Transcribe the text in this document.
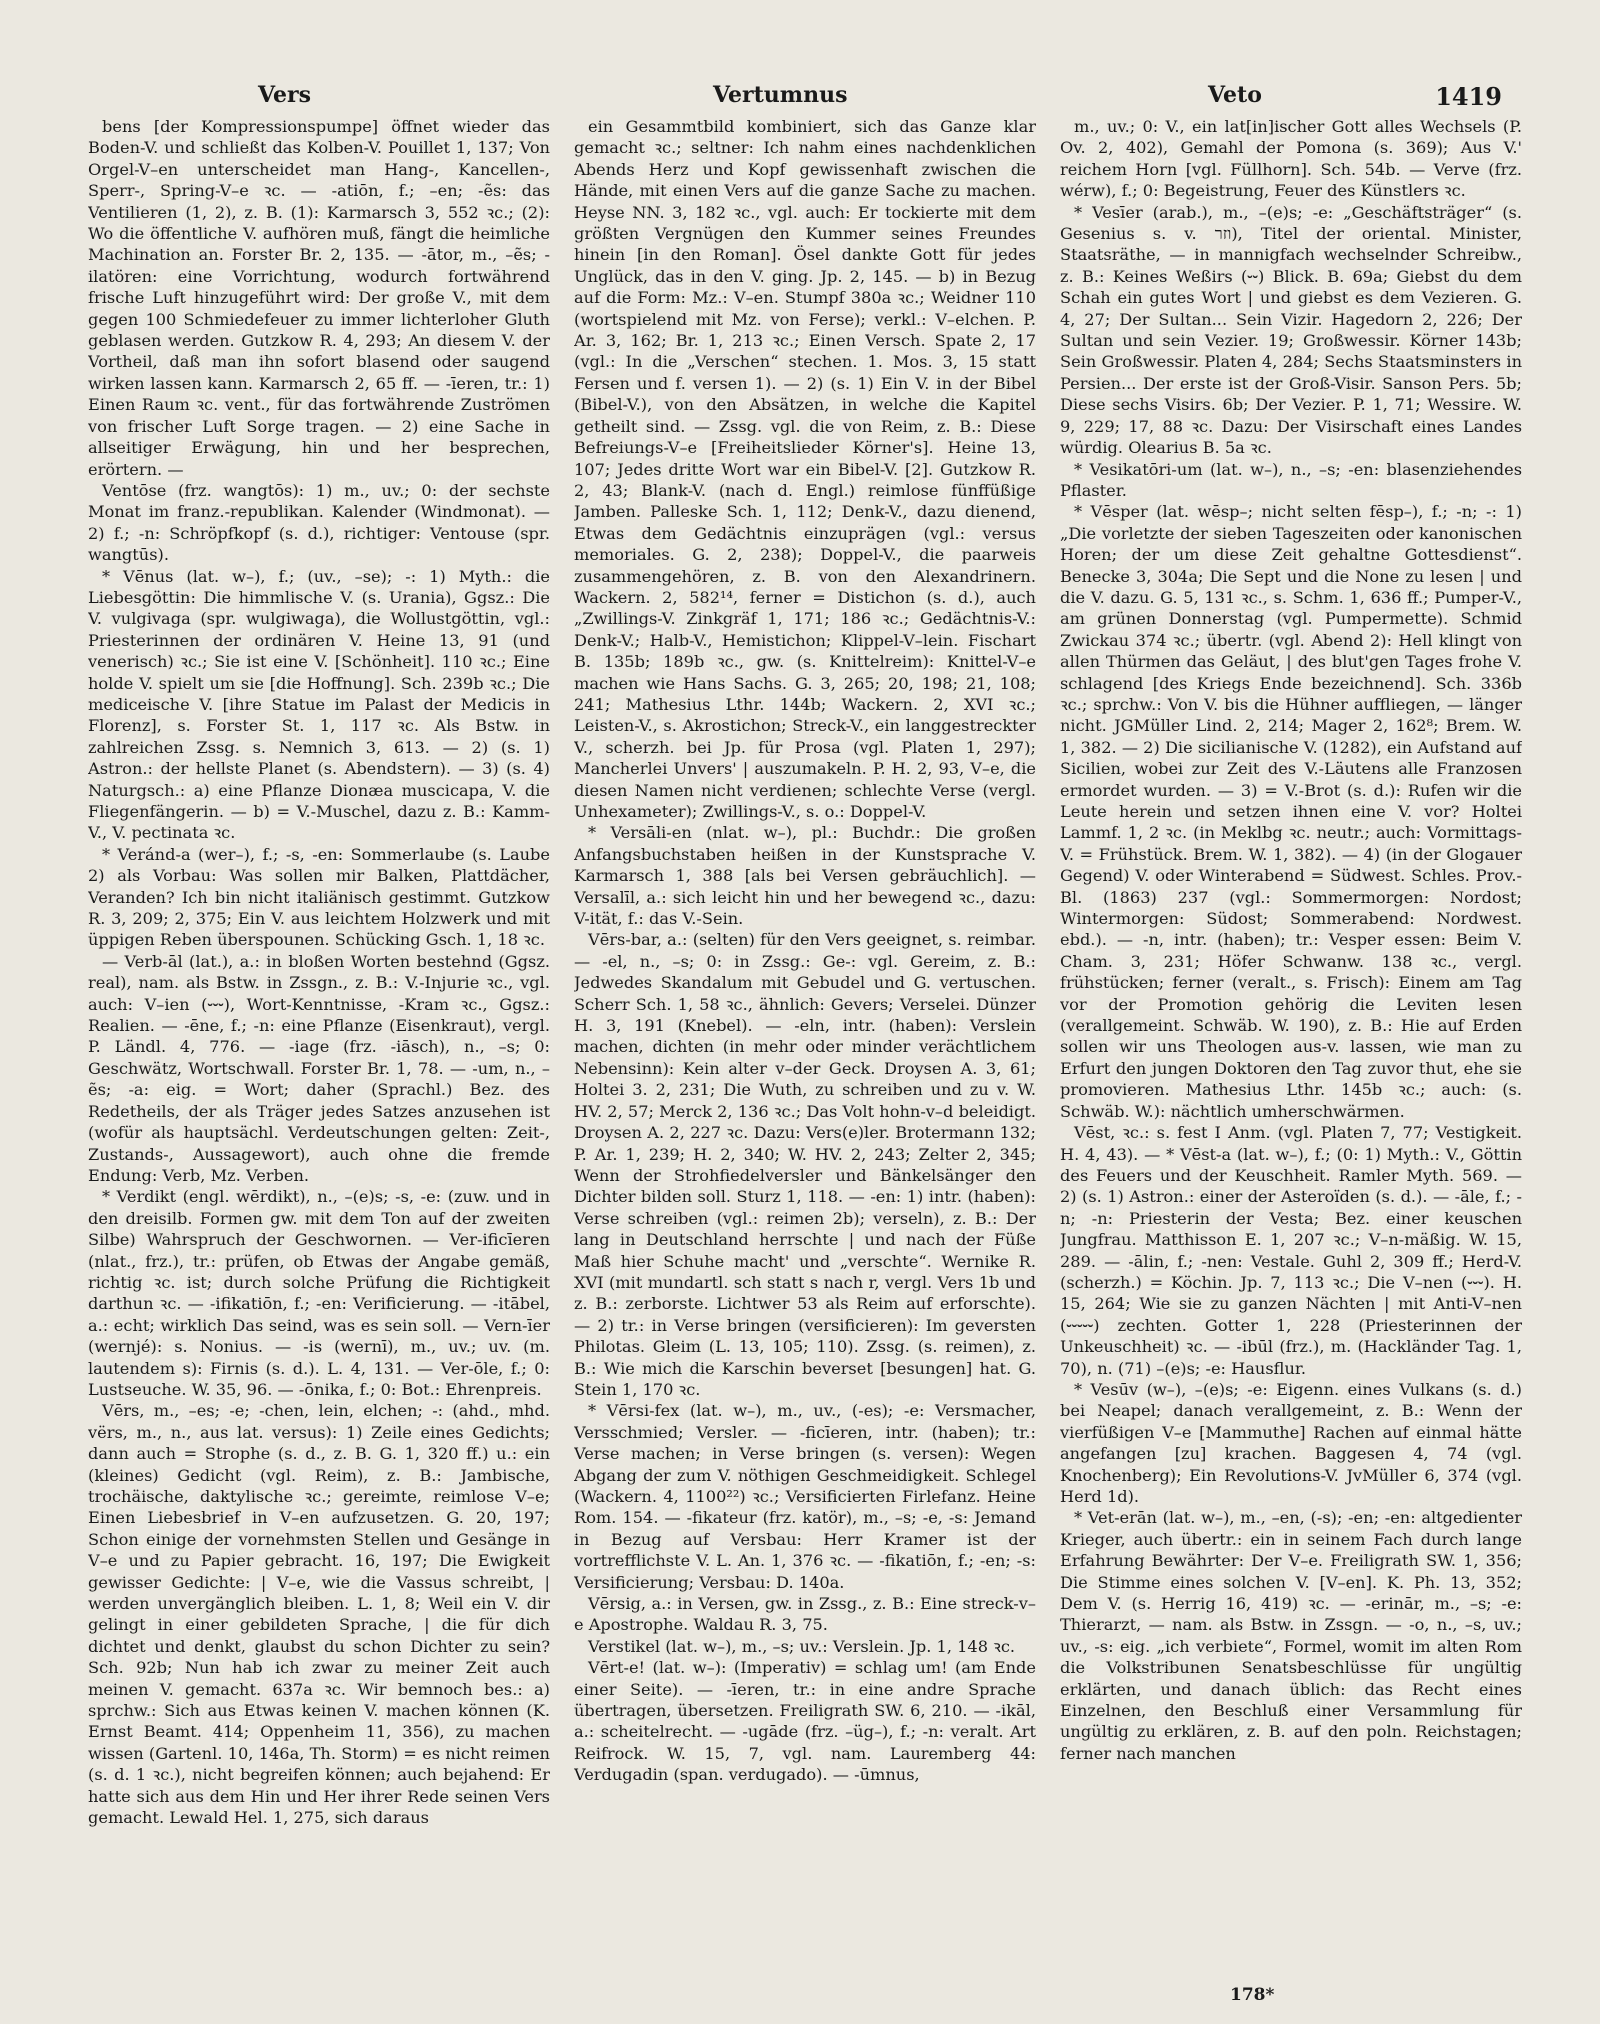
Vers	Vertumnus	Veto	1419

bens [der Kompressionspumpe] öffnet wieder das Boden-V. und schließt das Kolben-V. Pouillet 1, 137; Von Orgel-V–en unterscheidet man Hang-, Kancellen-, Sperr-, Spring-V–e ꝛc. — -atiōn, f.; –en; -ẽs: das Ventilieren (1, 2), z. B. (1): Karmarsch 3, 552 ꝛc.; (2): Wo die öffentliche V. aufhören muß, fängt die heimliche Machination an. Forster Br. 2, 135. — -ātor, m., –ẽs; -ilatören: eine Vorrichtung, wodurch fortwährend frische Luft hinzugeführt wird: Der große V., mit dem gegen 100 Schmiedefeuer zu immer lichterloher Gluth geblasen werden. Gutzkow R. 4, 293; An diesem V. der Vortheil, daß man ihn sofort blasend oder saugend wirken lassen kann. Karmarsch 2, 65 ff. — -īeren, tr.: 1) Einen Raum ꝛc. vent., für das fortwährende Zuströmen von frischer Luft Sorge tragen. — 2) eine Sache in allseitiger Erwägung, hin und her besprechen, erörtern. —

Ventōse (frz. wangtōs): 1) m., uv.; 0: der sechste Monat im franz.-republikan. Kalender (Windmonat). — 2) f.; -n: Schröpfkopf (s. d.), richtiger: Ventouse (spr. wangtūs).

* Vēnus (lat. w–), f.; (uv., –se); -: 1) Myth.: die Liebesgöttin: Die himmlische V. (s. Urania), Ggsz.: Die V. vulgivaga (spr. wulgiwaga), die Wollustgöttin, vgl.: Priesterinnen der ordinären V. Heine 13, 91 (und venerisch) ꝛc.; Sie ist eine V. [Schönheit]. 110 ꝛc.; Eine holde V. spielt um sie [die Hoffnung]. Sch. 239b ꝛc.; Die mediceische V. [ihre Statue im Palast der Medicis in Florenz], s. Forster St. 1, 117 ꝛc. Als Bstw. in zahlreichen Zssg. s. Nemnich 3, 613. — 2) (s. 1) Astron.: der hellste Planet (s. Abendstern). — 3) (s. 4) Naturgsch.: a) eine Pflanze Dionæa muscicapa, V. die Fliegenfängerin. — b) = V.-Muschel, dazu z. B.: Kamm-V., V. pectinata ꝛc.

* Veránd-a (wer–), f.; -s, -en: Sommerlaube (s. Laube 2) als Vorbau: Was sollen mir Balken, Plattdächer, Veranden? Ich bin nicht italiänisch gestimmt. Gutzkow R. 3, 209; 2, 375; Ein V. aus leichtem Holzwerk und mit üppigen Reben überspounen. Schücking Gsch. 1, 18 ꝛc.

— Verb-āl (lat.), a.: in bloßen Worten bestehnd (Ggsz. real), nam. als Bstw. in Zssgn., z. B.: V.-Injurie ꝛc., vgl. auch: V–ien (⏑⏑⏑), Wort-Kenntnisse, -Kram ꝛc., Ggsz.: Realien. — -ēne, f.; -n: eine Pflanze (Eisenkraut), vergl. P. Ländl. 4, 776. — -iage (frz. -iāsch), n., –s; 0: Geschwätz, Wortschwall. Forster Br. 1, 78. — -um, n., –ẽs; -a: eig. = Wort; daher (Sprachl.) Bez. des Redetheils, der als Träger jedes Satzes anzusehen ist (wofür als hauptsächl. Verdeutschungen gelten: Zeit-, Zustands-, Aussagewort), auch ohne die fremde Endung: Verb, Mz. Verben.

* Verdikt (engl. wērdikt), n., –(e)s; -s, -e: (zuw. und in den dreisilb. Formen gw. mit dem Ton auf der zweiten Silbe) Wahrspruch der Geschwornen. — Ver-ificīeren (nlat., frz.), tr.: prüfen, ob Etwas der Angabe gemäß, richtig ꝛc. ist; durch solche Prüfung die Richtigkeit darthun ꝛc. — -ifikatiōn, f.; -en: Verificierung. — -itābel, a.: echt; wirklich Das seind, was es sein soll. — Vern-īer (wernjé): s. Nonius. — -is (wernī), m., uv.; uv. (m. lautendem s): Firnis (s. d.). L. 4, 131. — Ver-ōle, f.; 0: Lustseuche. W. 35, 96. — -ōnika, f.; 0: Bot.: Ehrenpreis.

Vērs, m., –es; -e; -chen, lein, elchen; -: (ahd., mhd. vërs, m., n., aus lat. versus): 1) Zeile eines Gedichts; dann auch = Strophe (s. d., z. B. G. 1, 320 ff.) u.: ein (kleines) Gedicht (vgl. Reim), z. B.: Jambische, trochäische, daktylische ꝛc.; gereimte, reimlose V–e; Einen Liebesbrief in V–en aufzusetzen. G. 20, 197; Schon einige der vornehmsten Stellen und Gesänge in V–e und zu Papier gebracht. 16, 197; Die Ewigkeit gewisser Gedichte: | V–e, wie die Vassus schreibt, | werden unvergänglich bleiben. L. 1, 8; Weil ein V. dir gelingt in einer gebildeten Sprache, | die für dich dichtet und denkt, glaubst du schon Dichter zu sein? Sch. 92b; Nun hab ich zwar zu meiner Zeit auch meinen V. gemacht. 637a ꝛc. Wir bemnoch bes.: a) sprchw.: Sich aus Etwas keinen V. machen können (K. Ernst Beamt. 414; Oppenheim 11, 356), zu machen wissen (Gartenl. 10, 146a, Th. Storm) = es nicht reimen (s. d. 1 ꝛc.), nicht begreifen können; auch bejahend: Er hatte sich aus dem Hin und Her ihrer Rede seinen Vers gemacht. Lewald Hel. 1, 275, sich daraus

ein Gesammtbild kombiniert, sich das Ganze klar gemacht ꝛc.; seltner: Ich nahm eines nachdenklichen Abends Herz und Kopf gewissenhaft zwischen die Hände, mit einen Vers auf die ganze Sache zu machen. Heyse NN. 3, 182 ꝛc., vgl. auch: Er tockierte mit dem größten Vergnügen den Kummer seines Freundes hinein [in den Roman]. Ösel dankte Gott für jedes Unglück, das in den V. ging. Jp. 2, 145. — b) in Bezug auf die Form: Mz.: V–en. Stumpf 380a ꝛc.; Weidner 110 (wortspielend mit Mz. von Ferse); verkl.: V–elchen. P. Ar. 3, 162; Br. 1, 213 ꝛc.; Einen Versch. Spate 2, 17 (vgl.: In die „Verschen“ stechen. 1. Mos. 3, 15 statt Fersen und f. versen 1). — 2) (s. 1) Ein V. in der Bibel (Bibel-V.), von den Absätzen, in welche die Kapitel getheilt sind. — Zssg. vgl. die von Reim, z. B.: Diese Befreiungs-V–e [Freiheitslieder Körner's]. Heine 13, 107; Jedes dritte Wort war ein Bibel-V. [2]. Gutzkow R. 2, 43; Blank-V. (nach d. Engl.) reimlose fünffüßige Jamben. Palleske Sch. 1, 112; Denk-V., dazu dienend, Etwas dem Gedächtnis einzuprägen (vgl.: versus memoriales. G. 2, 238); Doppel-V., die paarweis zusammengehören, z. B. von den Alexandrinern. Wackern. 2, 582¹⁴, ferner = Distichon (s. d.), auch „Zwillings-V. Zinkgräf 1, 171; 186 ꝛc.; Gedächtnis-V.: Denk-V.; Halb-V., Hemistichon; Klippel-V–lein. Fischart B. 135b; 189b ꝛc., gw. (s. Knittelreim): Knittel-V–e machen wie Hans Sachs. G. 3, 265; 20, 198; 21, 108; 241; Mathesius Lthr. 144b; Wackern. 2, XVI ꝛc.; Leisten-V., s. Akrostichon; Streck-V., ein langgestreckter V., scherzh. bei Jp. für Prosa (vgl. Platen 1, 297); Mancherlei Unvers' | auszumakeln. P. H. 2, 93, V–e, die diesen Namen nicht verdienen; schlechte Verse (vergl. Unhexameter); Zwillings-V., s. o.: Doppel-V.

* Versāli-en (nlat. w–), pl.: Buchdr.: Die großen Anfangsbuchstaben heißen in der Kunstsprache V. Karmarsch 1, 388 [als bei Versen gebräuchlich]. — Versalīl, a.: sich leicht hin und her bewegend ꝛc., dazu: V-ität, f.: das V.-Sein.

Vērs-bar, a.: (selten) für den Vers geeignet, s. reimbar. — -el, n., –s; 0: in Zssg.: Ge-: vgl. Gereim, z. B.: Jedwedes Skandalum mit Gebudel und G. vertuschen. Scherr Sch. 1, 58 ꝛc., ähnlich: Gevers; Verselei. Dünzer H. 3, 191 (Knebel). — -eln, intr. (haben): Verslein machen, dichten (in mehr oder minder verächtlichem Nebensinn): Kein alter v–der Geck. Droysen A. 3, 61; Holtei 3. 2, 231; Die Wuth, zu schreiben und zu v. W. HV. 2, 57; Merck 2, 136 ꝛc.; Das Volt hohn-v–d beleidigt. Droysen A. 2, 227 ꝛc. Dazu: Vers(e)ler. Brotermann 132; P. Ar. 1, 239; H. 2, 340; W. HV. 2, 243; Zelter 2, 345; Wenn der Strohfiedelversler und Bänkelsänger den Dichter bilden soll. Sturz 1, 118. — -en: 1) intr. (haben): Verse schreiben (vgl.: reimen 2b); verseln), z. B.: Der lang in Deutschland herrschte | und nach der Füße Maß hier Schuhe macht' und „verschte“. Wernike R. XVI (mit mundartl. sch statt s nach r, vergl. Vers 1b und z. B.: zerborste. Lichtwer 53 als Reim auf erforschte). — 2) tr.: in Verse bringen (versificieren): Im geversten Philotas. Gleim (L. 13, 105; 110). Zssg. (s. reimen), z. B.: Wie mich die Karschin beverset [besungen] hat. G. Stein 1, 170 ꝛc.

* Vērsi-fex (lat. w–), m., uv., (-es); -e: Versmacher, Versschmied; Versler. — -ficīeren, intr. (haben); tr.: Verse machen; in Verse bringen (s. versen): Wegen Abgang der zum V. nöthigen Geschmeidigkeit. Schlegel (Wackern. 4, 1100²²) ꝛc.; Versificierten Firlefanz. Heine Rom. 154. — -fikateur (frz. katör), m., –s; -e, -s: Jemand in Bezug auf Versbau: Herr Kramer ist der vortrefflichste V. L. An. 1, 376 ꝛc. — -fikatiōn, f.; -en; -s: Versificierung; Versbau: D. 140a.

Vērsig, a.: in Versen, gw. in Zssg., z. B.: Eine streck-v–e Apostrophe. Waldau R. 3, 75.

Verstikel (lat. w–), m., –s; uv.: Verslein. Jp. 1, 148 ꝛc.

Vērt-e! (lat. w–): (Imperativ) = schlag um! (am Ende einer Seite). — -īeren, tr.: in eine andre Sprache übertragen, übersetzen. Freiligrath SW. 6, 210. — -ikāl, a.: scheitelrecht. — -ugāde (frz. –üg–), f.; -n: veralt. Art Reifrock. W. 15, 7, vgl. nam. Lauremberg 44: Verdugadin (span. verdugado). — -ūmnus,

m., uv.; 0: V., ein lat[in]ischer Gott alles Wechsels (P. Ov. 2, 402), Gemahl der Pomona (s. 369); Aus V.' reichem Horn [vgl. Füllhorn]. Sch. 54b. — Verve (frz. wérw), f.; 0: Begeistrung, Feuer des Künstlers ꝛc.

* Vesīer (arab.), m., –(e)s; -e: „Geschäftsträger“ (s. Gesenius s. v. ‏וזר‏), Titel der oriental. Minister, Staatsräthe, — in mannigfach wechselnder Schreibw., z. B.: Keines Weßirs (⏑⏑) Blick. B. 69a; Giebst du dem Schah ein gutes Wort | und giebst es dem Vezieren. G. 4, 27; Der Sultan... Sein Vizir. Hagedorn 2, 226; Der Sultan und sein Vezier. 19; Großwessir. Körner 143b; Sein Großwessir. Platen 4, 284; Sechs Staatsminsters in Persien... Der erste ist der Groß-Visir. Sanson Pers. 5b; Diese sechs Visirs. 6b; Der Vezier. P. 1, 71; Wessire. W. 9, 229; 17, 88 ꝛc. Dazu: Der Visirschaft eines Landes würdig. Olearius B. 5a ꝛc.

* Vesikatōri-um (lat. w–), n., –s; -en: blasenziehendes Pflaster.

* Vēsper (lat. wēsp–; nicht selten fēsp–), f.; -n; -: 1) „Die vorletzte der sieben Tageszeiten oder kanonischen Horen; der um diese Zeit gehaltne Gottesdienst“. Benecke 3, 304a; Die Sept und die None zu lesen | und die V. dazu. G. 5, 131 ꝛc., s. Schm. 1, 636 ff.; Pumper-V., am grünen Donnerstag (vgl. Pumpermette). Schmid Zwickau 374 ꝛc.; übertr. (vgl. Abend 2): Hell klingt von allen Thürmen das Geläut, | des blut'gen Tages frohe V. schlagend [des Kriegs Ende bezeichnend]. Sch. 336b ꝛc.; sprchw.: Von V. bis die Hühner auffliegen, — länger nicht. JGMüller Lind. 2, 214; Mager 2, 162⁸; Brem. W. 1, 382. — 2) Die sicilianische V. (1282), ein Aufstand auf Sicilien, wobei zur Zeit des V.-Läutens alle Franzosen ermordet wurden. — 3) = V.-Brot (s. d.): Rufen wir die Leute herein und setzen ihnen eine V. vor? Holtei Lammf. 1, 2 ꝛc. (in Meklbg ꝛc. neutr.; auch: Vormittags-V. = Frühstück. Brem. W. 1, 382). — 4) (in der Glogauer Gegend) V. oder Winterabend = Südwest. Schles. Prov.-Bl. (1863) 237 (vgl.: Sommermorgen: Nordost; Wintermorgen: Südost; Sommerabend: Nordwest. ebd.). — -n, intr. (haben); tr.: Vesper essen: Beim V. Cham. 3, 231; Höfer Schwanw. 138 ꝛc., vergl. frühstücken; ferner (veralt., s. Frisch): Einem am Tag vor der Promotion gehörig die Leviten lesen (verallgemeint. Schwäb. W. 190), z. B.: Hie auf Erden sollen wir uns Theologen aus-v. lassen, wie man zu Erfurt den jungen Doktoren den Tag zuvor thut, ehe sie promovieren. Mathesius Lthr. 145b ꝛc.; auch: (s. Schwäb. W.): nächtlich umherschwärmen.

Vēst, ꝛc.: s. fest I Anm. (vgl. Platen 7, 77; Vestigkeit. H. 4, 43). — * Vēst-a (lat. w–), f.; (0: 1) Myth.: V., Göttin des Feuers und der Keuschheit. Ramler Myth. 569. — 2) (s. 1) Astron.: einer der Asteroïden (s. d.). — -āle, f.; -n; -n: Priesterin der Vesta; Bez. einer keuschen Jungfrau. Matthisson E. 1, 207 ꝛc.; V–n-mäßig. W. 15, 289. — -ālin, f.; -nen: Vestale. Guhl 2, 309 ff.; Herd-V. (scherzh.) = Köchin. Jp. 7, 113 ꝛc.; Die V–nen (⏑⏑⏑). H. 15, 264; Wie sie zu ganzen Nächten | mit Anti-V–nen (⏑⏑⏑⏑⏑) zechten. Gotter 1, 228 (Priesterinnen der Unkeuschheit) ꝛc. — -ibūl (frz.), m. (Hackländer Tag. 1, 70), n. (71) –(e)s; -e: Hausflur.

* Vesūv (w–), –(e)s; -e: Eigenn. eines Vulkans (s. d.) bei Neapel; danach verallgemeint, z. B.: Wenn der vierfüßigen V–e [Mammuthe] Rachen auf einmal hätte angefangen [zu] krachen. Baggesen 4, 74 (vgl. Knochenberg); Ein Revolutions-V. JvMüller 6, 374 (vgl. Herd 1d).

* Vet-erān (lat. w–), m., –en, (-s); -en; -en: altgedienter Krieger, auch übertr.: ein in seinem Fach durch lange Erfahrung Bewährter: Der V–e. Freiligrath SW. 1, 356; Die Stimme eines solchen V. [V–en]. K. Ph. 13, 352; Dem V. (s. Herrig 16, 419) ꝛc. — -erinār, m., –s; -e: Thierarzt, — nam. als Bstw. in Zssgn. — -o, n., –s, uv.; uv., -s: eig. „ich verbiete“, Formel, womit im alten Rom die Volkstribunen Senatsbeschlüsse für ungültig erklärten, und danach üblich: das Recht eines Einzelnen, den Beschluß einer Versammlung für ungültig zu erklären, z. B. auf den poln. Reichstagen; ferner nach manchen

178*
